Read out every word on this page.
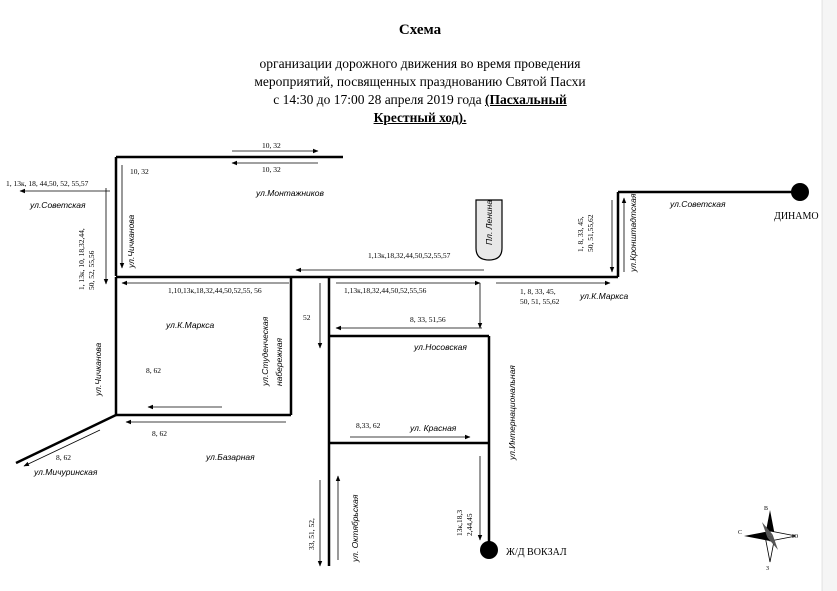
Схема
организации дорожного движения во время проведения
мероприятий, посвященных празднованию Святой Пасхи
с 14:30 до 17:00 28 апреля 2019 года (Пасхальный
Крестный ход).
ДИНАМО
Ж/Д ВОКЗАЛ
Пл. Ленина
ул.Советская
ул.Монтажников
ул.Чичканова
ул.К.Маркса	ул.Студенческая набережная
ул.Чичканова
ул.Мичуринская
ул.Базарная
ул.Носовская
ул. Красная	ул.Интернациональная
ул. Октябрьская
ул.Кронштадтская	ул.Советская
ул.К.Маркса
10, 32
10, 32
10, 32
1, 13к, 18, 44,50, 52, 55,57
1, 13к, 10, 18,32,44,50, 52, 55,56	1,13к,18,32,44,50,52,55,57
1,10,13к,18,32,44,50,52,55, 56	1,13к,18,32,44,50,52,55,56
52	8, 33, 51,56
1, 8, 33, 45,50, 51,55,62
1, 8, 33, 45,
50, 51, 55,62
8, 62
8, 62
8, 62
8,33, 62
13к,18,32,44,45
33, 51, 52,	С
В
Ю
З
